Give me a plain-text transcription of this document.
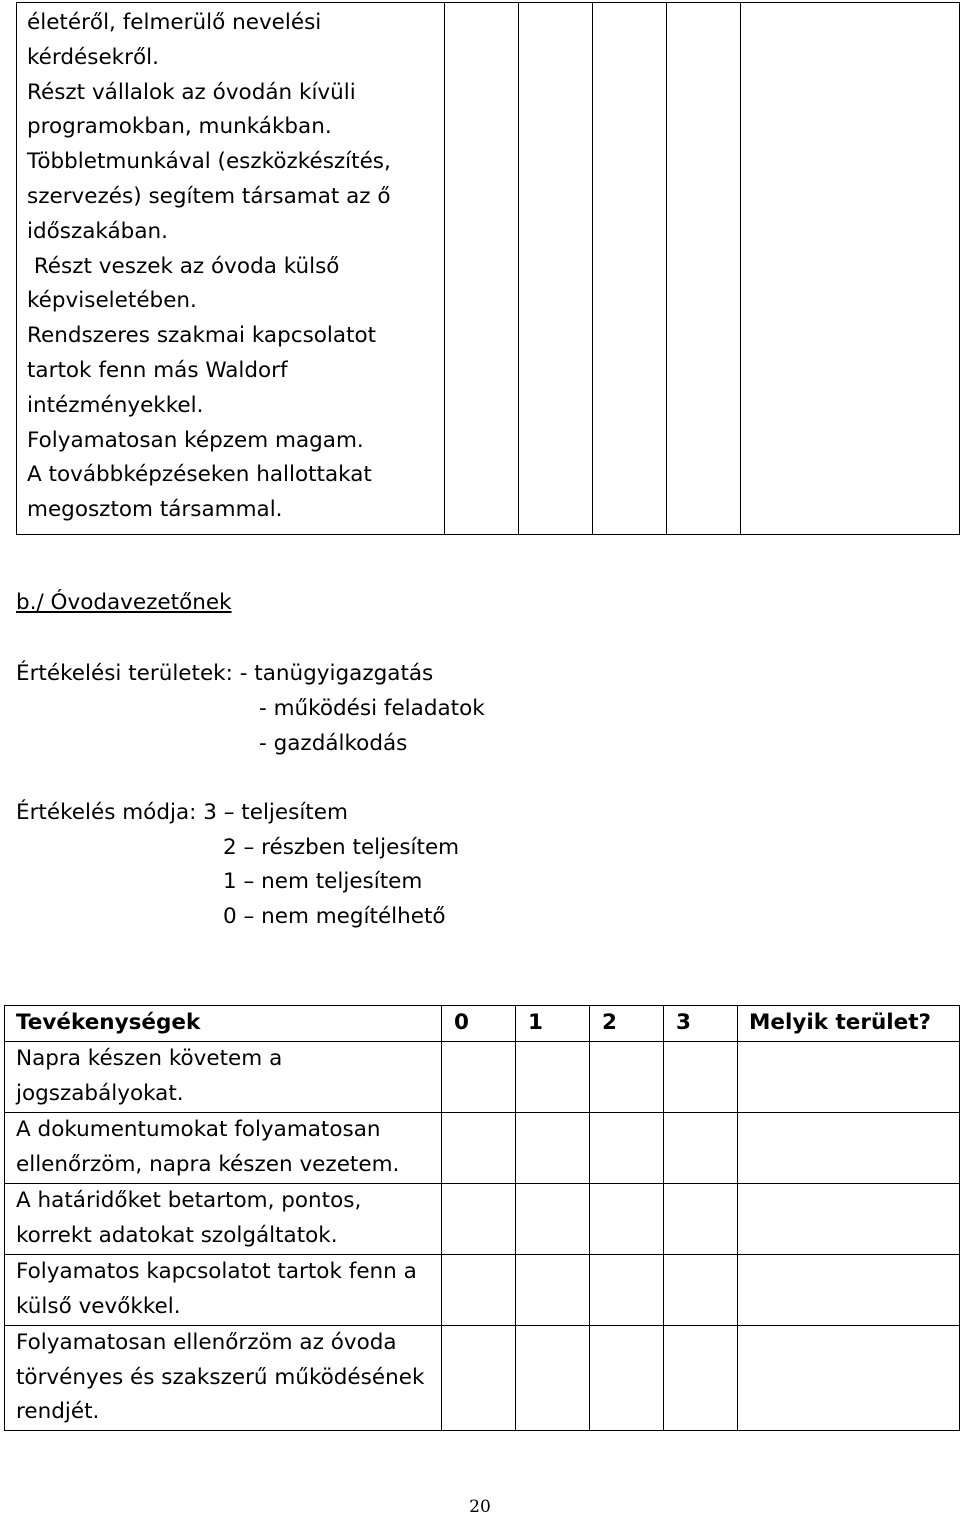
életéről, felmerülő nevelési
kérdésekről.
Részt vállalok az óvodán kívüli
programokban, munkákban.
Többletmunkával (eszközkészítés,
szervezés) segítem társamat az ő
időszakában.
Részt veszek az óvoda külső
képviseletében.
Rendszeres szakmai kapcsolatot
tartok fenn más Waldorf
intézményekkel.
Folyamatosan képzem magam.
A továbbképzéseken hallottakat
megosztom társammal.

b./ Óvodavezetőnek
Értékelési területek: - tanügyigazgatás
- működési feladatok
- gazdálkodás
Értékelés módja: 3 – teljesítem
2 – részben teljesítem
1 – nem teljesítem
0 – nem megítélhető
Tevékenységek	0	1	2	3	Melyik terület?
Napra készen követem a jogszabályokat.					
A dokumentumokat folyamatosan ellenőrzöm, napra készen vezetem.					
A határidőket betartom, pontos, korrekt adatokat szolgáltatok.					
Folyamatos kapcsolatot tartok fenn a külső vevőkkel.					
Folyamatosan ellenőrzöm az óvoda törvényes és szakszerű működésének rendjét.					
20
